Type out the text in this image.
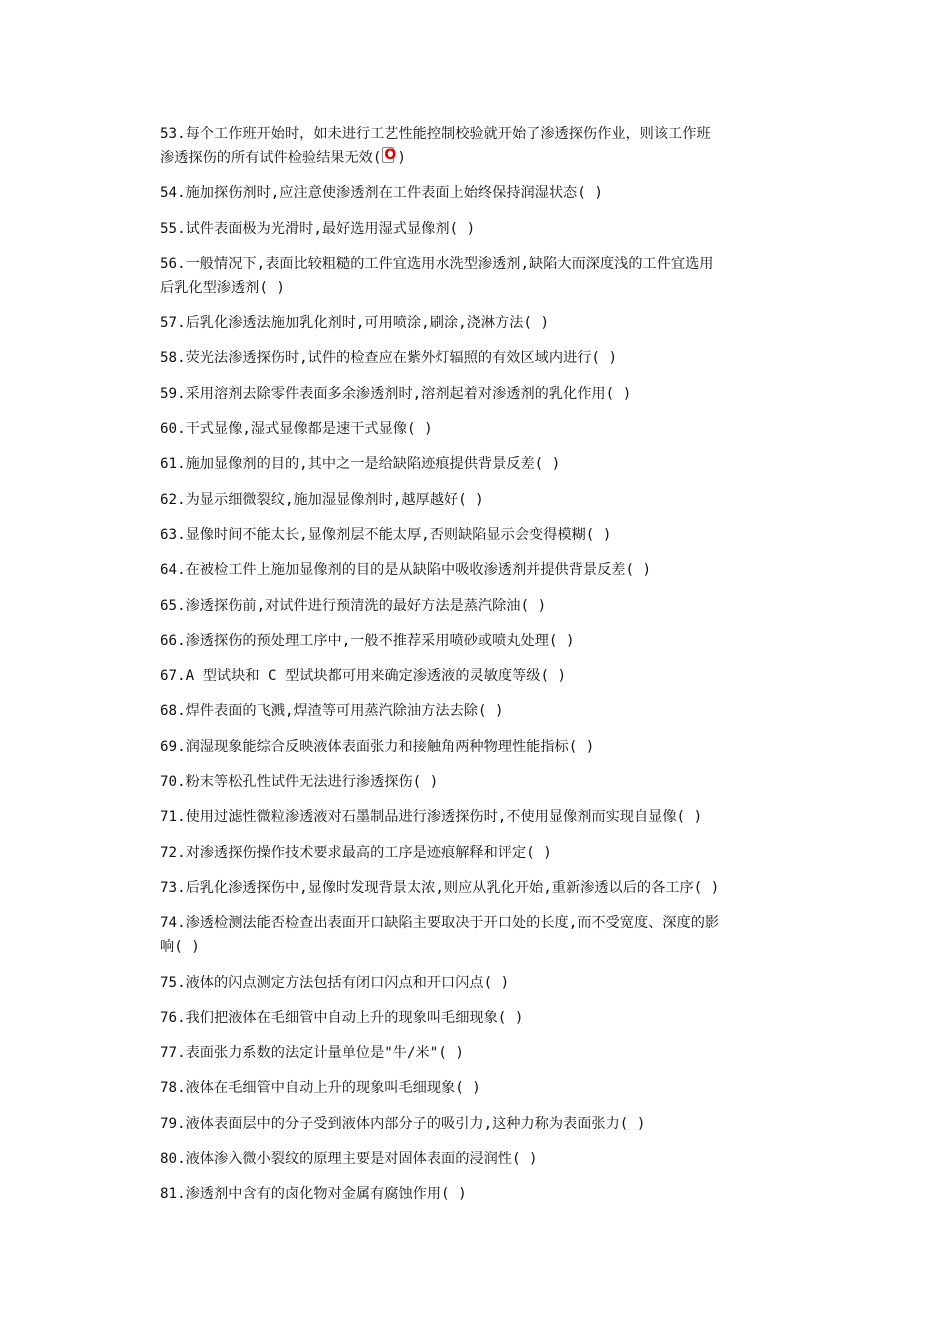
53.每个工作班开始时，如未进行工艺性能控制校验就开始了渗透探伤作业，则该工作班
渗透探伤的所有试件检验结果无效( O )
54.施加探伤剂时,应注意使渗透剂在工件表面上始终保持润湿状态( )
55.试件表面极为光滑时,最好选用湿式显像剂( )
56.一般情况下,表面比较粗糙的工件宜选用水洗型渗透剂,缺陷大而深度浅的工件宜选用
后乳化型渗透剂( )
57.后乳化渗透法施加乳化剂时,可用喷涂,刷涂,浇淋方法( )
58.荧光法渗透探伤时,试件的检查应在紫外灯辐照的有效区域内进行( )
59.采用溶剂去除零件表面多余渗透剂时,溶剂起着对渗透剂的乳化作用( )
60.干式显像,湿式显像都是速干式显像( )
61.施加显像剂的目的,其中之一是给缺陷迹痕提供背景反差( )
62.为显示细微裂纹,施加湿显像剂时,越厚越好( )
63.显像时间不能太长,显像剂层不能太厚,否则缺陷显示会变得模糊( )
64.在被检工件上施加显像剂的目的是从缺陷中吸收渗透剂并提供背景反差( )
65.渗透探伤前,对试件进行预清洗的最好方法是蒸汽除油( )
66.渗透探伤的预处理工序中,一般不推荐采用喷砂或喷丸处理( )
67.A 型试块和 C 型试块都可用来确定渗透液的灵敏度等级( )
68.焊件表面的飞溅,焊渣等可用蒸汽除油方法去除( )
69.润湿现象能综合反映液体表面张力和接触角两种物理性能指标( )
70.粉末等松孔性试件无法进行渗透探伤( )
71.使用过滤性微粒渗透液对石墨制品进行渗透探伤时,不使用显像剂而实现自显像( )
72.对渗透探伤操作技术要求最高的工序是迹痕解释和评定( )
73.后乳化渗透探伤中,显像时发现背景太浓,则应从乳化开始,重新渗透以后的各工序( )
74.渗透检测法能否检查出表面开口缺陷主要取决于开口处的长度,而不受宽度、深度的影
响( )
75.液体的闪点测定方法包括有闭口闪点和开口闪点( )
76.我们把液体在毛细管中自动上升的现象叫毛细现象( )
77.表面张力系数的法定计量单位是"牛/米"( )
78.液体在毛细管中自动上升的现象叫毛细现象( )
79.液体表面层中的分子受到液体内部分子的吸引力,这种力称为表面张力( )
80.液体渗入微小裂纹的原理主要是对固体表面的浸润性( )
81.渗透剂中含有的卤化物对金属有腐蚀作用( )
